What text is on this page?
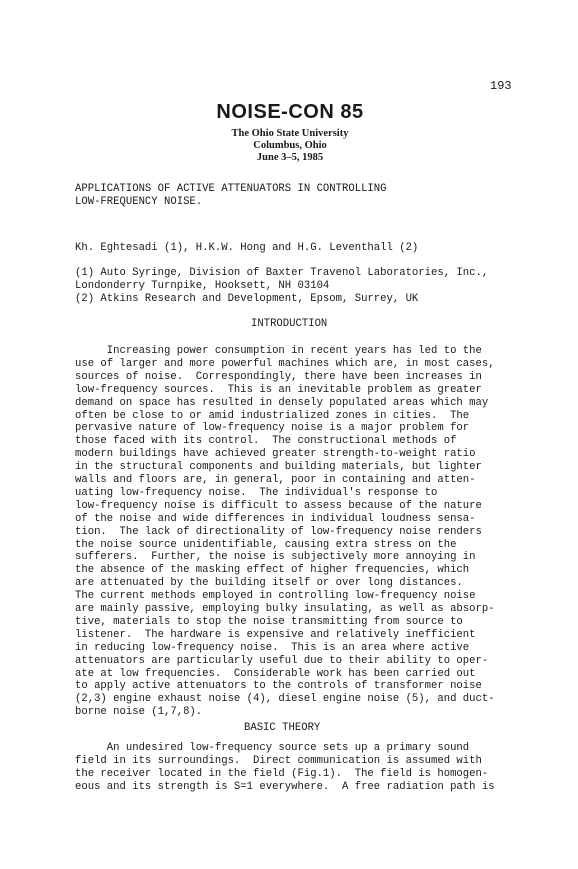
193
NOISE-CON 85
The Ohio State University
Columbus, Ohio
June 3–5, 1985
APPLICATIONS OF ACTIVE ATTENUATORS IN CONTROLLING
LOW-FREQUENCY NOISE.
Kh. Eghtesadi (1), H.K.W. Hong and H.G. Leventhall (2)
(1) Auto Syringe, Division of Baxter Travenol Laboratories, Inc.,
Londonderry Turnpike, Hooksett, NH 03104
(2) Atkins Research and Development, Epsom, Surrey, UK
INTRODUCTION
Increasing power consumption in recent years has led to the
use of larger and more powerful machines which are, in most cases,
sources of noise.  Correspondingly, there have been increases in
low-frequency sources.  This is an inevitable problem as greater
demand on space has resulted in densely populated areas which may
often be close to or amid industrialized zones in cities.  The
pervasive nature of low-frequency noise is a major problem for
those faced with its control.  The constructional methods of
modern buildings have achieved greater strength-to-weight ratio
in the structural components and building materials, but lighter
walls and floors are, in general, poor in containing and atten-
uating low-frequency noise.  The individual's response to
low-frequency noise is difficult to assess because of the nature
of the noise and wide differences in individual loudness sensa-
tion.  The lack of directionality of low-frequency noise renders
the noise source unidentifiable, causing extra stress on the
sufferers.  Further, the noise is subjectively more annoying in
the absence of the masking effect of higher frequencies, which
are attenuated by the building itself or over long distances.
The current methods employed in controlling low-frequency noise
are mainly passive, employing bulky insulating, as well as absorp-
tive, materials to stop the noise transmitting from source to
listener.  The hardware is expensive and relatively inefficient
in reducing low-frequency noise.  This is an area where active
attenuators are particularly useful due to their ability to oper-
ate at low frequencies.  Considerable work has been carried out
to apply active attenuators to the controls of transformer noise
(2,3) engine exhaust noise (4), diesel engine noise (5), and duct-
borne noise (1,7,8).
BASIC THEORY
An undesired low-frequency source sets up a primary sound
field in its surroundings.  Direct communication is assumed with
the receiver located in the field (Fig.1).  The field is homogen-
eous and its strength is S=1 everywhere.  A free radiation path is
